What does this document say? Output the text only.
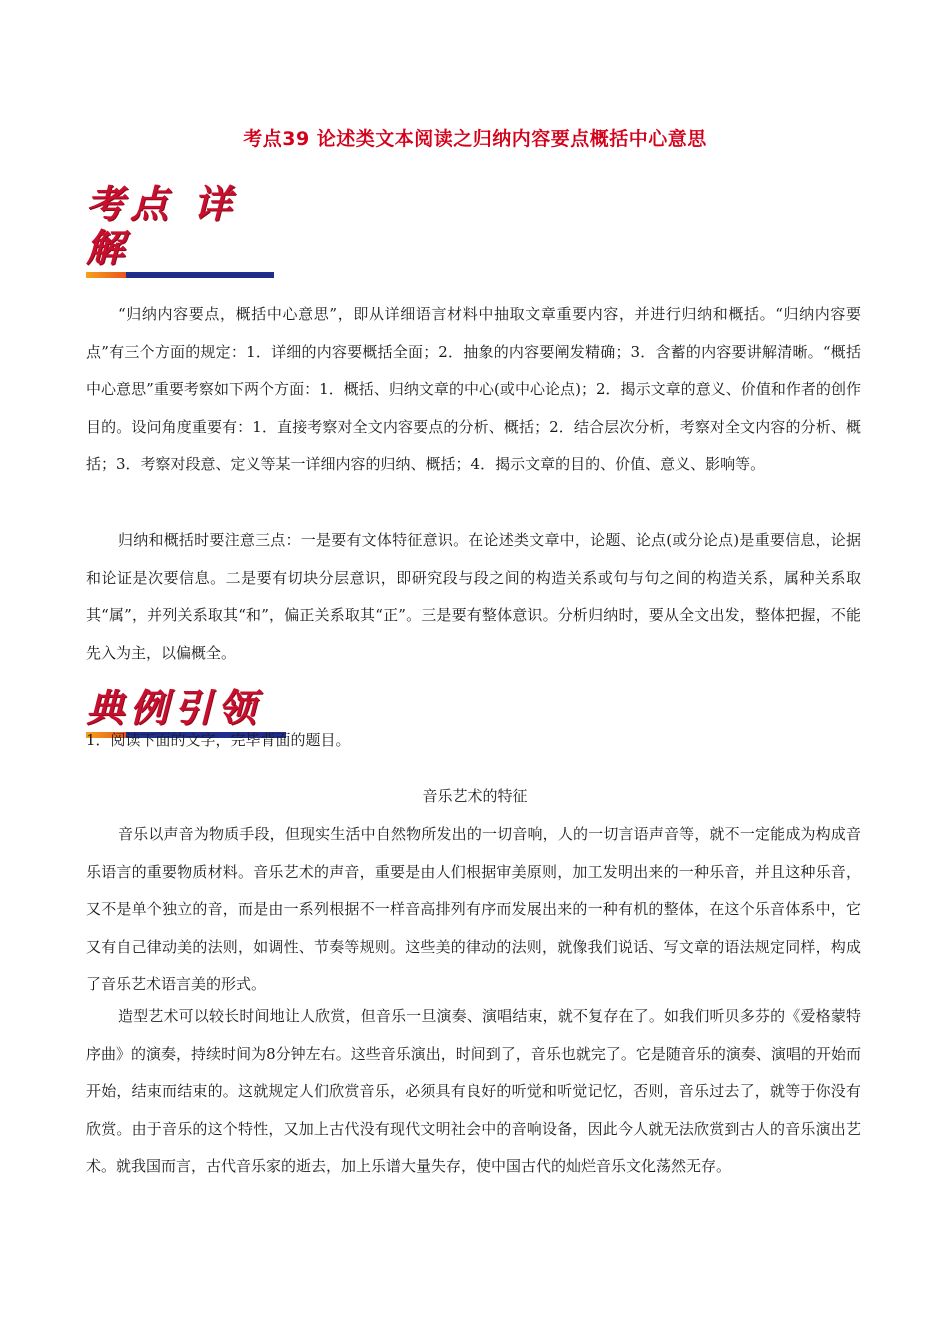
考点39 论述类文本阅读之归纳内容要点概括中心意思
考点 详解

“归纳内容要点，概括中心意思”，即从详细语言材料中抽取文章重要内容，并进行归纳和概括。“归纳内容要点”有三个方面的规定：1．详细的内容要概括全面；2．抽象的内容要阐发精确；3．含蓄的内容要讲解清晰。“概括中心意思”重要考察如下两个方面：1．概括、归纳文章的中心(或中心论点)；2．揭示文章的意义、价值和作者的创作目的。设问角度重要有：1．直接考察对全文内容要点的分析、概括；2．结合层次分析，考察对全文内容的分析、概括；3．考察对段意、定义等某一详细内容的归纳、概括；4．揭示文章的目的、价值、意义、影响等。

归纳和概括时要注意三点：一是要有文体特征意识。在论述类文章中，论题、论点(或分论点)是重要信息，论据和论证是次要信息。二是要有切块分层意识，即研究段与段之间的构造关系或句与句之间的构造关系，属种关系取其“属”，并列关系取其“和”，偏正关系取其“正”。三是要有整体意识。分析归纳时，要从全文出发，整体把握，不能先入为主，以偏概全。

典例引领

1．阅读下面的文字，完毕背面的题目。

音乐艺术的特征

音乐以声音为物质手段，但现实生活中自然物所发出的一切音响，人的一切言语声音等，就不一定能成为构成音乐语言的重要物质材料。音乐艺术的声音，重要是由人们根据审美原则，加工发明出来的一种乐音，并且这种乐音，又不是单个独立的音，而是由一系列根据不一样音高排列有序而发展出来的一种有机的整体，在这个乐音体系中，它又有自己律动美的法则，如调性、节奏等规则。这些美的律动的法则，就像我们说话、写文章的语法规定同样，构成了音乐艺术语言美的形式。

造型艺术可以较长时间地让人欣赏，但音乐一旦演奏、演唱结束，就不复存在了。如我们听贝多芬的《爱格蒙特序曲》的演奏，持续时间为8分钟左右。这些音乐演出，时间到了，音乐也就完了。它是随音乐的演奏、演唱的开始而开始，结束而结束的。这就规定人们欣赏音乐，必须具有良好的听觉和听觉记忆，否则，音乐过去了，就等于你没有欣赏。由于音乐的这个特性，又加上古代没有现代文明社会中的音响设备，因此今人就无法欣赏到古人的音乐演出艺术。就我国而言，古代音乐家的逝去，加上乐谱大量失存，使中国古代的灿烂音乐文化荡然无存。
